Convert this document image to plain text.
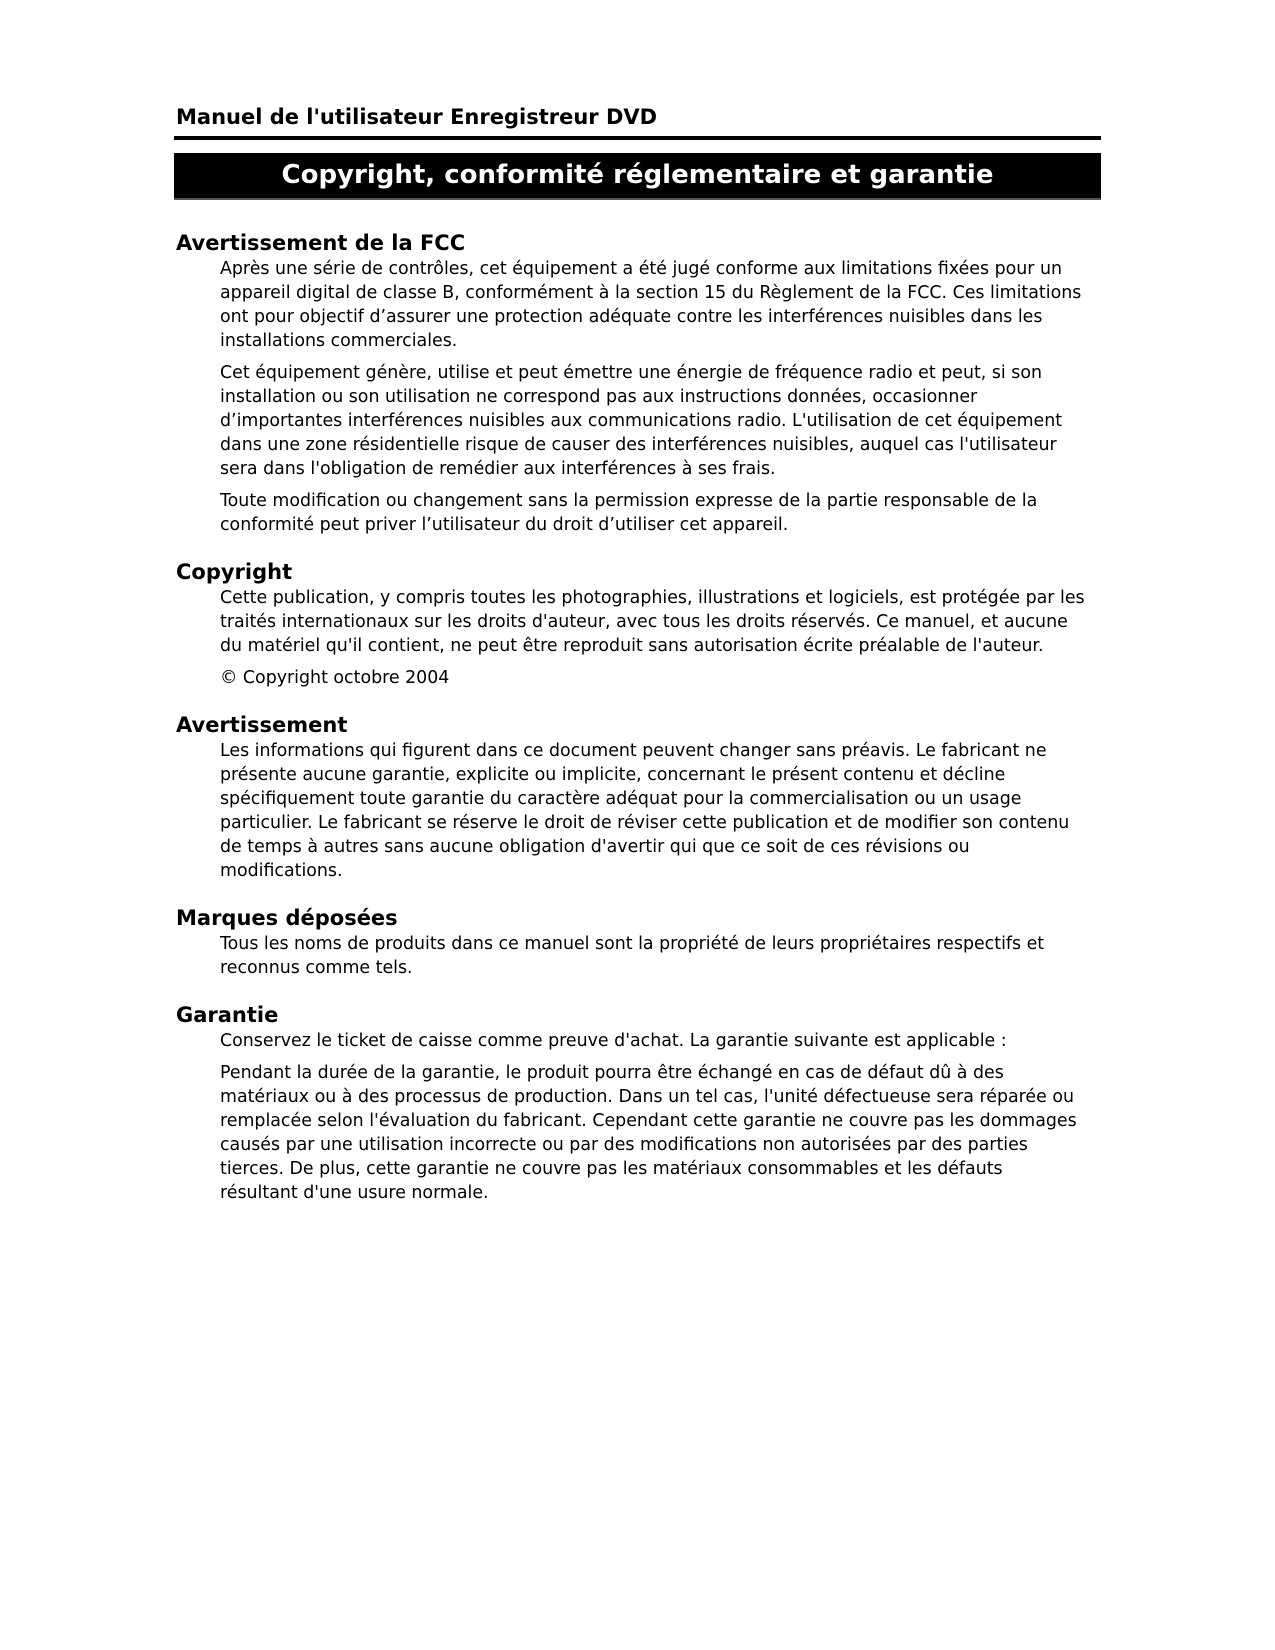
Manuel de l'utilisateur Enregistreur DVD
Copyright, conformité réglementaire et garantie
Avertissement de la FCC

Après une série de contrôles, cet équipement a été jugé conforme aux limitations fixées pour un appareil digital de classe B, conformément à la section 15 du Règlement de la FCC. Ces limitations ont pour objectif d’assurer une protection adéquate contre les interférences nuisibles dans les installations commerciales.

Cet équipement génère, utilise et peut émettre une énergie de fréquence radio et peut, si son installation ou son utilisation ne correspond pas aux instructions données, occasionner d’importantes interférences nuisibles aux communications radio. L'utilisation de cet équipement dans une zone résidentielle risque de causer des interférences nuisibles, auquel cas l'utilisateur sera dans l'obligation de remédier aux interférences à ses frais.

Toute modification ou changement sans la permission expresse de la partie responsable de la conformité peut priver l’utilisateur du droit d’utiliser cet appareil.

Copyright

Cette publication, y compris toutes les photographies, illustrations et logiciels, est protégée par les traités internationaux sur les droits d'auteur, avec tous les droits réservés. Ce manuel, et aucune du matériel qu'il contient, ne peut être reproduit sans autorisation écrite préalable de l'auteur.

© Copyright octobre 2004

Avertissement

Les informations qui figurent dans ce document peuvent changer sans préavis. Le fabricant ne présente aucune garantie, explicite ou implicite, concernant le présent contenu et décline spécifiquement toute garantie du caractère adéquat pour la commercialisation ou un usage particulier. Le fabricant se réserve le droit de réviser cette publication et de modifier son contenu de temps à autres sans aucune obligation d'avertir qui que ce soit de ces révisions ou modifications.

Marques déposées

Tous les noms de produits dans ce manuel sont la propriété de leurs propriétaires respectifs et reconnus comme tels.

Garantie

Conservez le ticket de caisse comme preuve d'achat. La garantie suivante est applicable :

Pendant la durée de la garantie, le produit pourra être échangé en cas de défaut dû à des matériaux ou à des processus de production. Dans un tel cas, l'unité défectueuse sera réparée ou remplacée selon l'évaluation du fabricant. Cependant cette garantie ne couvre pas les dommages causés par une utilisation incorrecte ou par des modifications non autorisées par des parties tierces. De plus, cette garantie ne couvre pas les matériaux consommables et les défauts résultant d'une usure normale.
